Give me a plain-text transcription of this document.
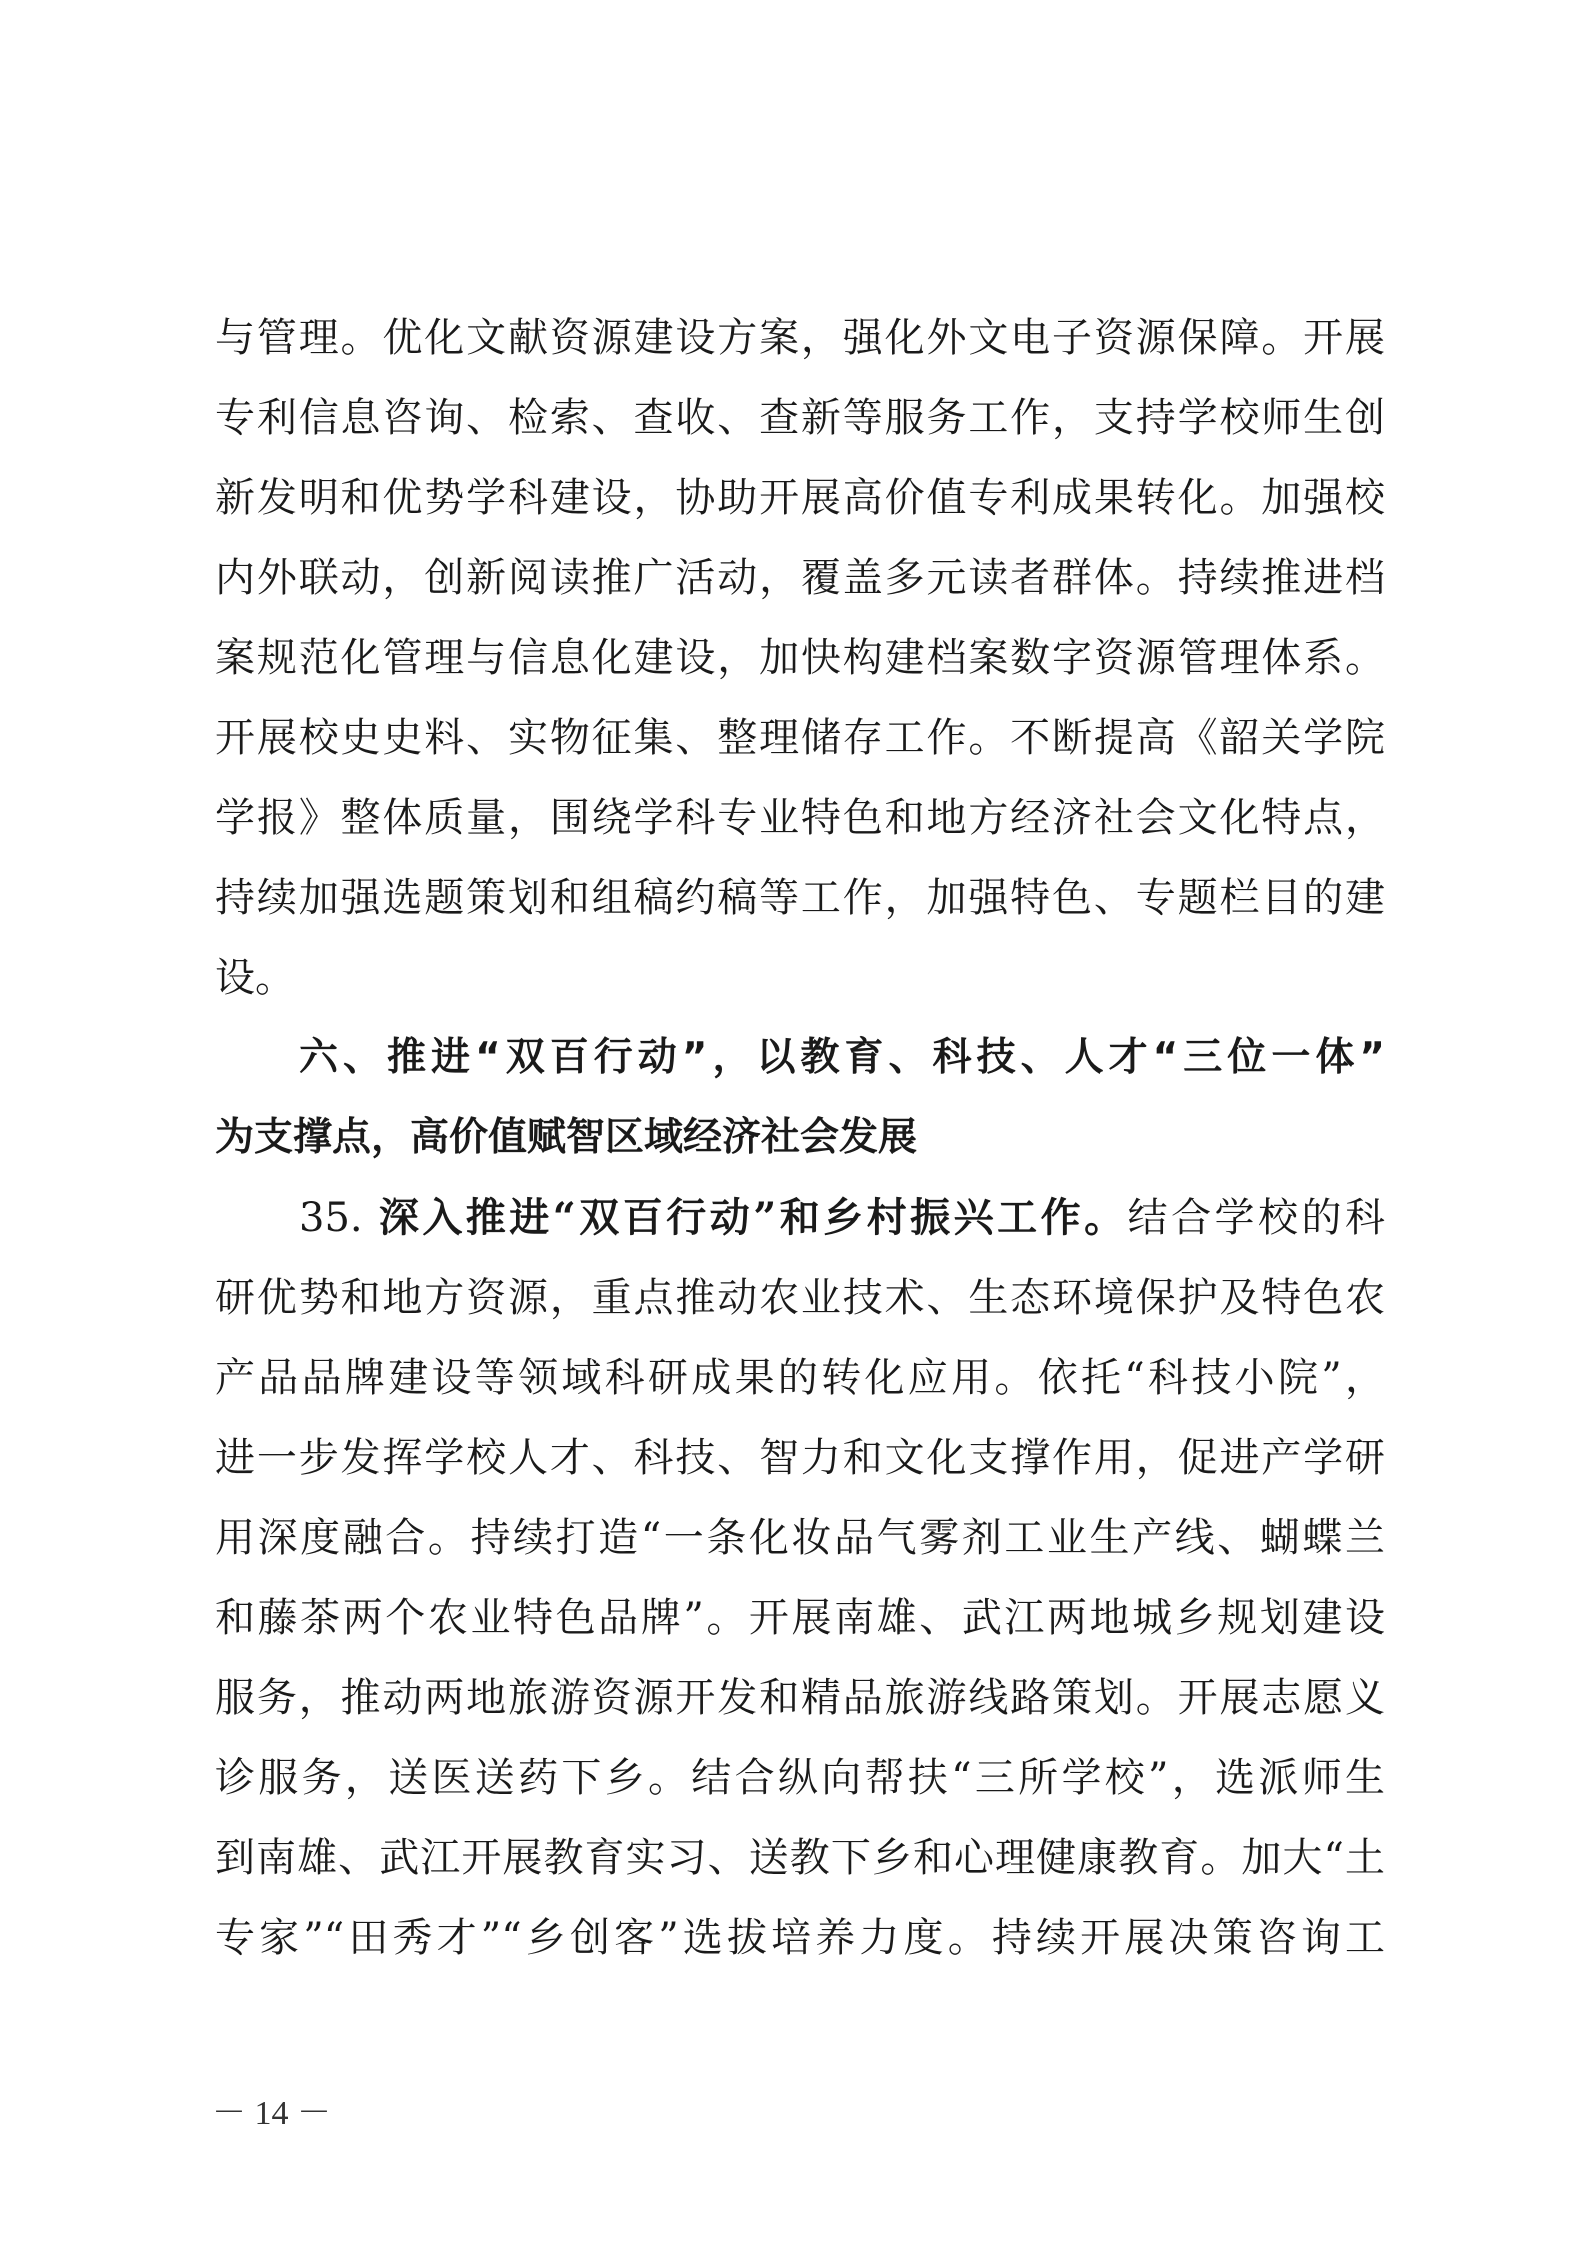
与管理。优化文献资源建设方案，强化外文电子资源保障。开展
专利信息咨询、检索、查收、查新等服务工作，支持学校师生创
新发明和优势学科建设，协助开展高价值专利成果转化。加强校
内外联动，创新阅读推广活动，覆盖多元读者群体。持续推进档
案规范化管理与信息化建设，加快构建档案数字资源管理体系。
开展校史史料、实物征集、整理储存工作。不断提高《韶关学院
学报》整体质量，围绕学科专业特色和地方经济社会文化特点，
持续加强选题策划和组稿约稿等工作，加强特色、专题栏目的建
设。
六、推进“双百行动”，以教育、科技、人才“三位一体”
为支撑点，高价值赋智区域经济社会发展
35. 深入推进“双百行动”和乡村振兴工作。结合学校的科
研优势和地方资源，重点推动农业技术、生态环境保护及特色农
产品品牌建设等领域科研成果的转化应用。依托“科技小院”，
进一步发挥学校人才、科技、智力和文化支撑作用，促进产学研
用深度融合。持续打造“一条化妆品气雾剂工业生产线、蝴蝶兰
和藤茶两个农业特色品牌”。开展南雄、武江两地城乡规划建设
服务，推动两地旅游资源开发和精品旅游线路策划。开展志愿义
诊服务，送医送药下乡。结合纵向帮扶“三所学校”，选派师生
到南雄、武江开展教育实习、送教下乡和心理健康教育。加大“土
专家”“田秀才”“乡创客”选拔培养力度。持续开展决策咨询工
－ 14 －
